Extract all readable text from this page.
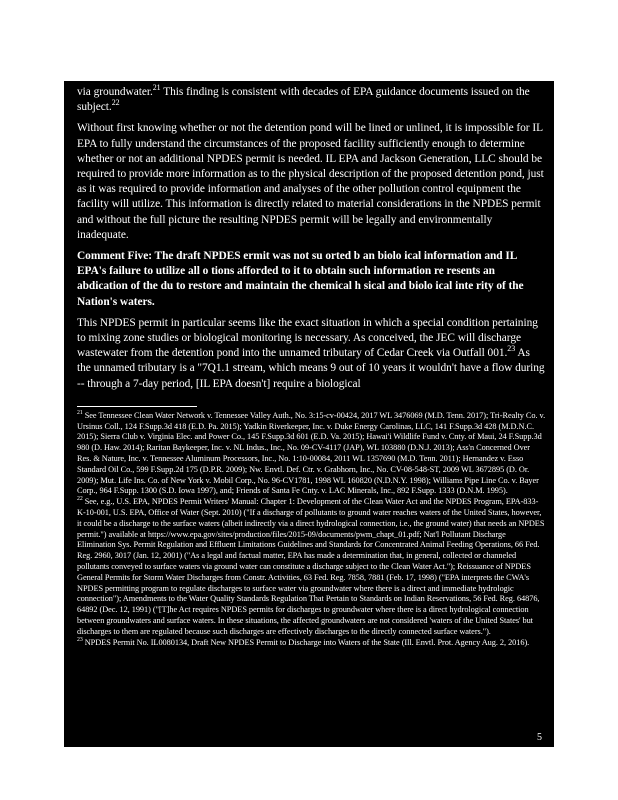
via groundwater.$^{21}$ This finding is consistent with decades of EPA guidance documents issued on the subject.$^{22}$

Without first knowing whether or not the detention pond will be lined or unlined, it is impossible for IL EPA to fully understand the circumstances of the proposed facility sufficiently enough to determine whether or not an additional NPDES permit is needed. IL EPA and Jackson Generation, LLC should be required to provide more information as to the physical description of the proposed detention pond, just as it was required to provide information and analyses of the other pollution control equipment the facility will utilize. This information is directly related to material considerations in the NPDES permit and without the full picture the resulting NPDES permit will be legally and environmentally inadequate.

Comment Five: The draft NPDES ermit was not su orted b an biolo ical information and IL EPA's failure to utilize all o tions afforded to it to obtain such information re resents an abdication of the du to restore and maintain the chemical h sical and biolo ical inte rity of the Nation's waters.

This NPDES permit in particular seems like the exact situation in which a special condition pertaining to mixing zone studies or biological monitoring is necessary. As conceived, the JEC will discharge wastewater from the detention pond into the unnamed tributary of Cedar Creek via Outfall 001.23 As the unnamed tributary is a "7Q1.1 stream, which means 9 out of 10 years it wouldn't have a flow during -- through a 7-day period, [IL EPA doesn't] require a biological

$^{21}$ See Tennessee Clean Water Network v. Tennessee Valley Auth., No. 3:15-cv-00424, 2017 WL 3476069 (M.D. Tenn. 2017); Tri-Realty Co. v. Ursinus Coll., 124 F.Supp.3d 418 (E.D. Pa. 2015); Yadkin Riverkeeper, Inc. v. Duke Energy Carolinas, LLC, 141 F.Supp.3d 428 (M.D.N.C. 2015); Sierra Club v. Virginia Elec. and Power Co., 145 F.Supp.3d 601 (E.D. Va. 2015); Hawai'i Wildlife Fund v. Cnty. of Maui, 24 F.Supp.3d 980 (D. Haw. 2014); Raritan Baykeeper, Inc. v. NL Indus., Inc., No. 09-CV-4117 (JAP), WL 103880 (D.N.J. 2013); Ass'n Concerned Over Res. & Nature, Inc. v. Tennessee Aluminum Processors, Inc., No. 1:10-00084, 2011 WL 1357690 (M.D. Tenn. 2011); Hernandez v. Esso Standard Oil Co., 599 F.Supp.2d 175 (D.P.R. 2009); Nw. Envtl. Def. Ctr. v. Grabhorn, Inc., No. CV-08-548-ST, 2009 WL 3672895 (D. Or. 2009); Mut. Life Ins. Co. of New York v. Mobil Corp., No. 96-CV1781, 1998 WL 160820 (N.D.N.Y. 1998); Williams Pipe Line Co. v. Bayer Corp., 964 F.Supp. 1300 (S.D. Iowa 1997), and; Friends of Santa Fe Cnty. v. LAC Minerals, Inc., 892 F.Supp. 1333 (D.N.M. 1995).

$^{22}$ See, e.g., U.S. EPA, NPDES Permit Writers' Manual: Chapter 1: Development of the Clean Water Act and the NPDES Program, EPA-833-K-10-001, U.S. EPA, Office of Water (Sept. 2010) ("If a discharge of pollutants to ground water reaches waters of the United States, however, it could be a discharge to the surface waters (albeit indirectly via a direct hydrological connection, i.e., the ground water) that needs an NPDES permit.") available at https://www.epa.gov/sites/production/files/2015-09/documents/pwm_chapt_01.pdf; Nat'l Pollutant Discharge Elimination Sys. Permit Regulation and Effluent Limitations Guidelines and Standards for Concentrated Animal Feeding Operations, 66 Fed. Reg. 2960, 3017 (Jan. 12, 2001) ("As a legal and factual matter, EPA has made a determination that, in general, collected or channeled pollutants conveyed to surface waters via ground water can constitute a discharge subject to the Clean Water Act."); Reissuance of NPDES General Permits for Storm Water Discharges from Constr. Activities, 63 Fed. Reg. 7858, 7881 (Feb. 17, 1998) ("EPA interprets the CWA's NPDES permitting program to regulate discharges to surface water via groundwater where there is a direct and immediate hydrologic connection"); Amendments to the Water Quality Standards Regulation That Pertain to Standards on Indian Reservations, 56 Fed. Reg. 64876, 64892 (Dec. 12, 1991) ("[T]he Act requires NPDES permits for discharges to groundwater where there is a direct hydrological connection between groundwaters and surface waters. In these situations, the affected groundwaters are not considered 'waters of the United States' but discharges to them are regulated because such discharges are effectively discharges to the directly connected surface waters.").

$^{23}$ NPDES Permit No. IL0080134, Draft New NPDES Permit to Discharge into Waters of the State (Ill. Envtl. Prot. Agency Aug. 2, 2016).

5
